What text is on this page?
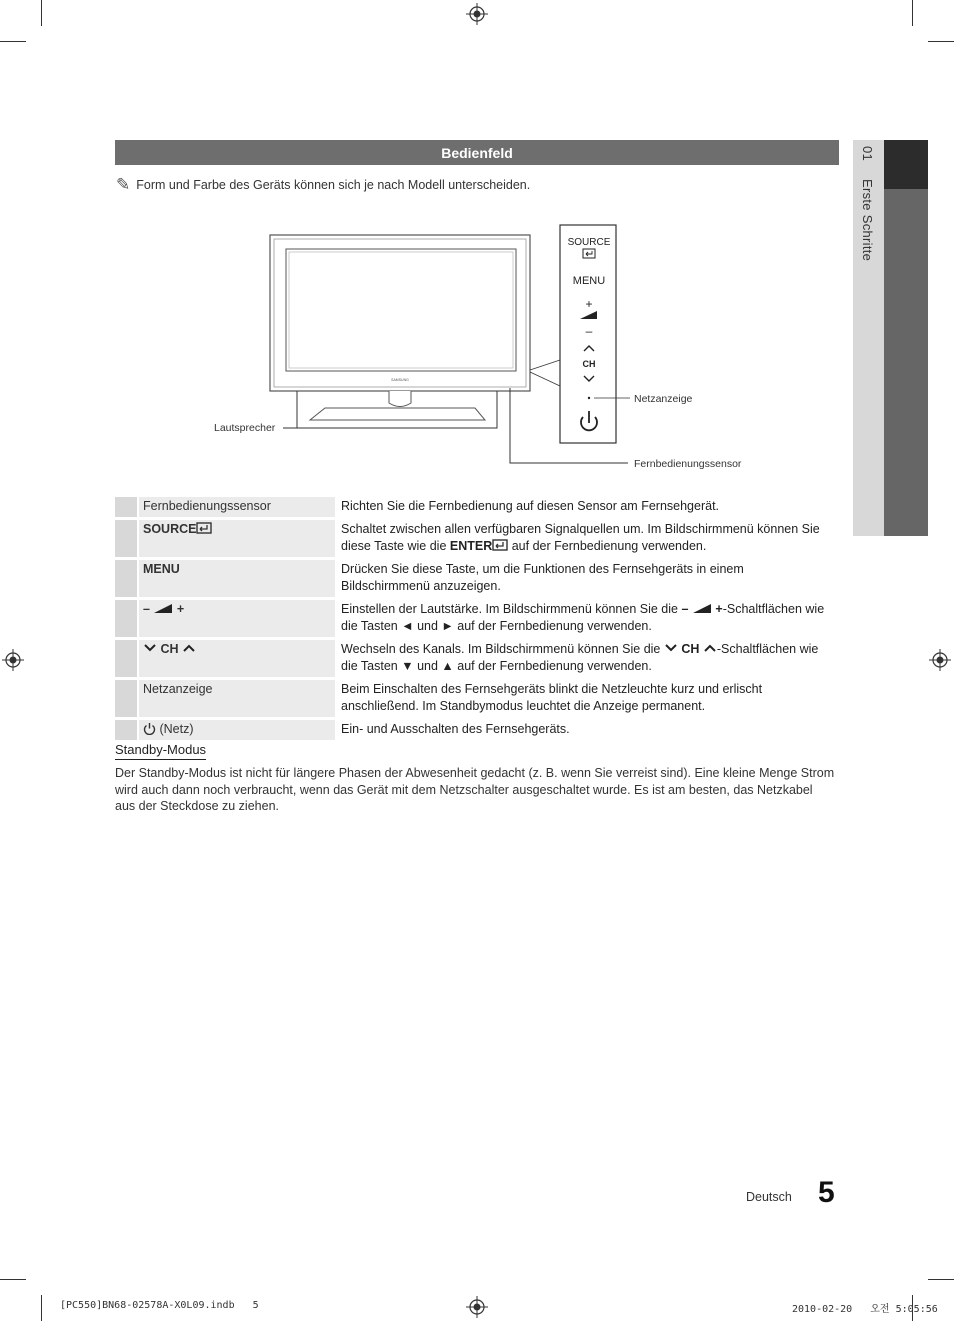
Bedienfeld
✎ Form und Farbe des Geräts können sich je nach Modell unterscheiden.
01 Erste Schritte
SAMSUNG
Lautsprecher
Fernbedienungssensor
SOURCE
MENU
+
–
CH
Netzanzeige
	Fernbedienungssensor	Richten Sie die Fernbedienung auf diesen Sensor am Fernsehgerät.
	SOURCE	Schaltet zwischen allen verfügbaren Signalquellen um. Im Bildschirmmenü können Sie diese Taste wie die ENTER auf der Fernbedienung verwenden.
	MENU	Drücken Sie diese Taste, um die Funktionen des Fernsehgeräts in einem Bildschirmmenü anzuzeigen.
	– +	Einstellen der Lautstärke. Im Bildschirmmenü können Sie die – +-Schaltflächen wie die Tasten ◄ und ► auf der Fernbedienung verwenden.
	CH	Wechseln des Kanals. Im Bildschirmmenü können Sie die CH -Schaltflächen wie die Tasten ▼ und ▲ auf der Fernbedienung verwenden.
	Netzanzeige	Beim Einschalten des Fernsehgeräts blinkt die Netzleuchte kurz und erlischt anschließend. Im Standbymodus leuchtet die Anzeige permanent.
	(Netz)	Ein- und Ausschalten des Fernsehgeräts.
Standby-Modus
Der Standby-Modus ist nicht für längere Phasen der Abwesenheit gedacht (z. B. wenn Sie verreist sind). Eine kleine Menge Strom wird auch dann noch verbraucht, wenn das Gerät mit dem Netzschalter ausgeschaltet wurde. Es ist am besten, das Netzkabel aus der Steckdose zu ziehen.
Deutsch 5
[PC550]BN68-02578A-X0L09.indb   5	2010-02-20   오전 5:05:56
